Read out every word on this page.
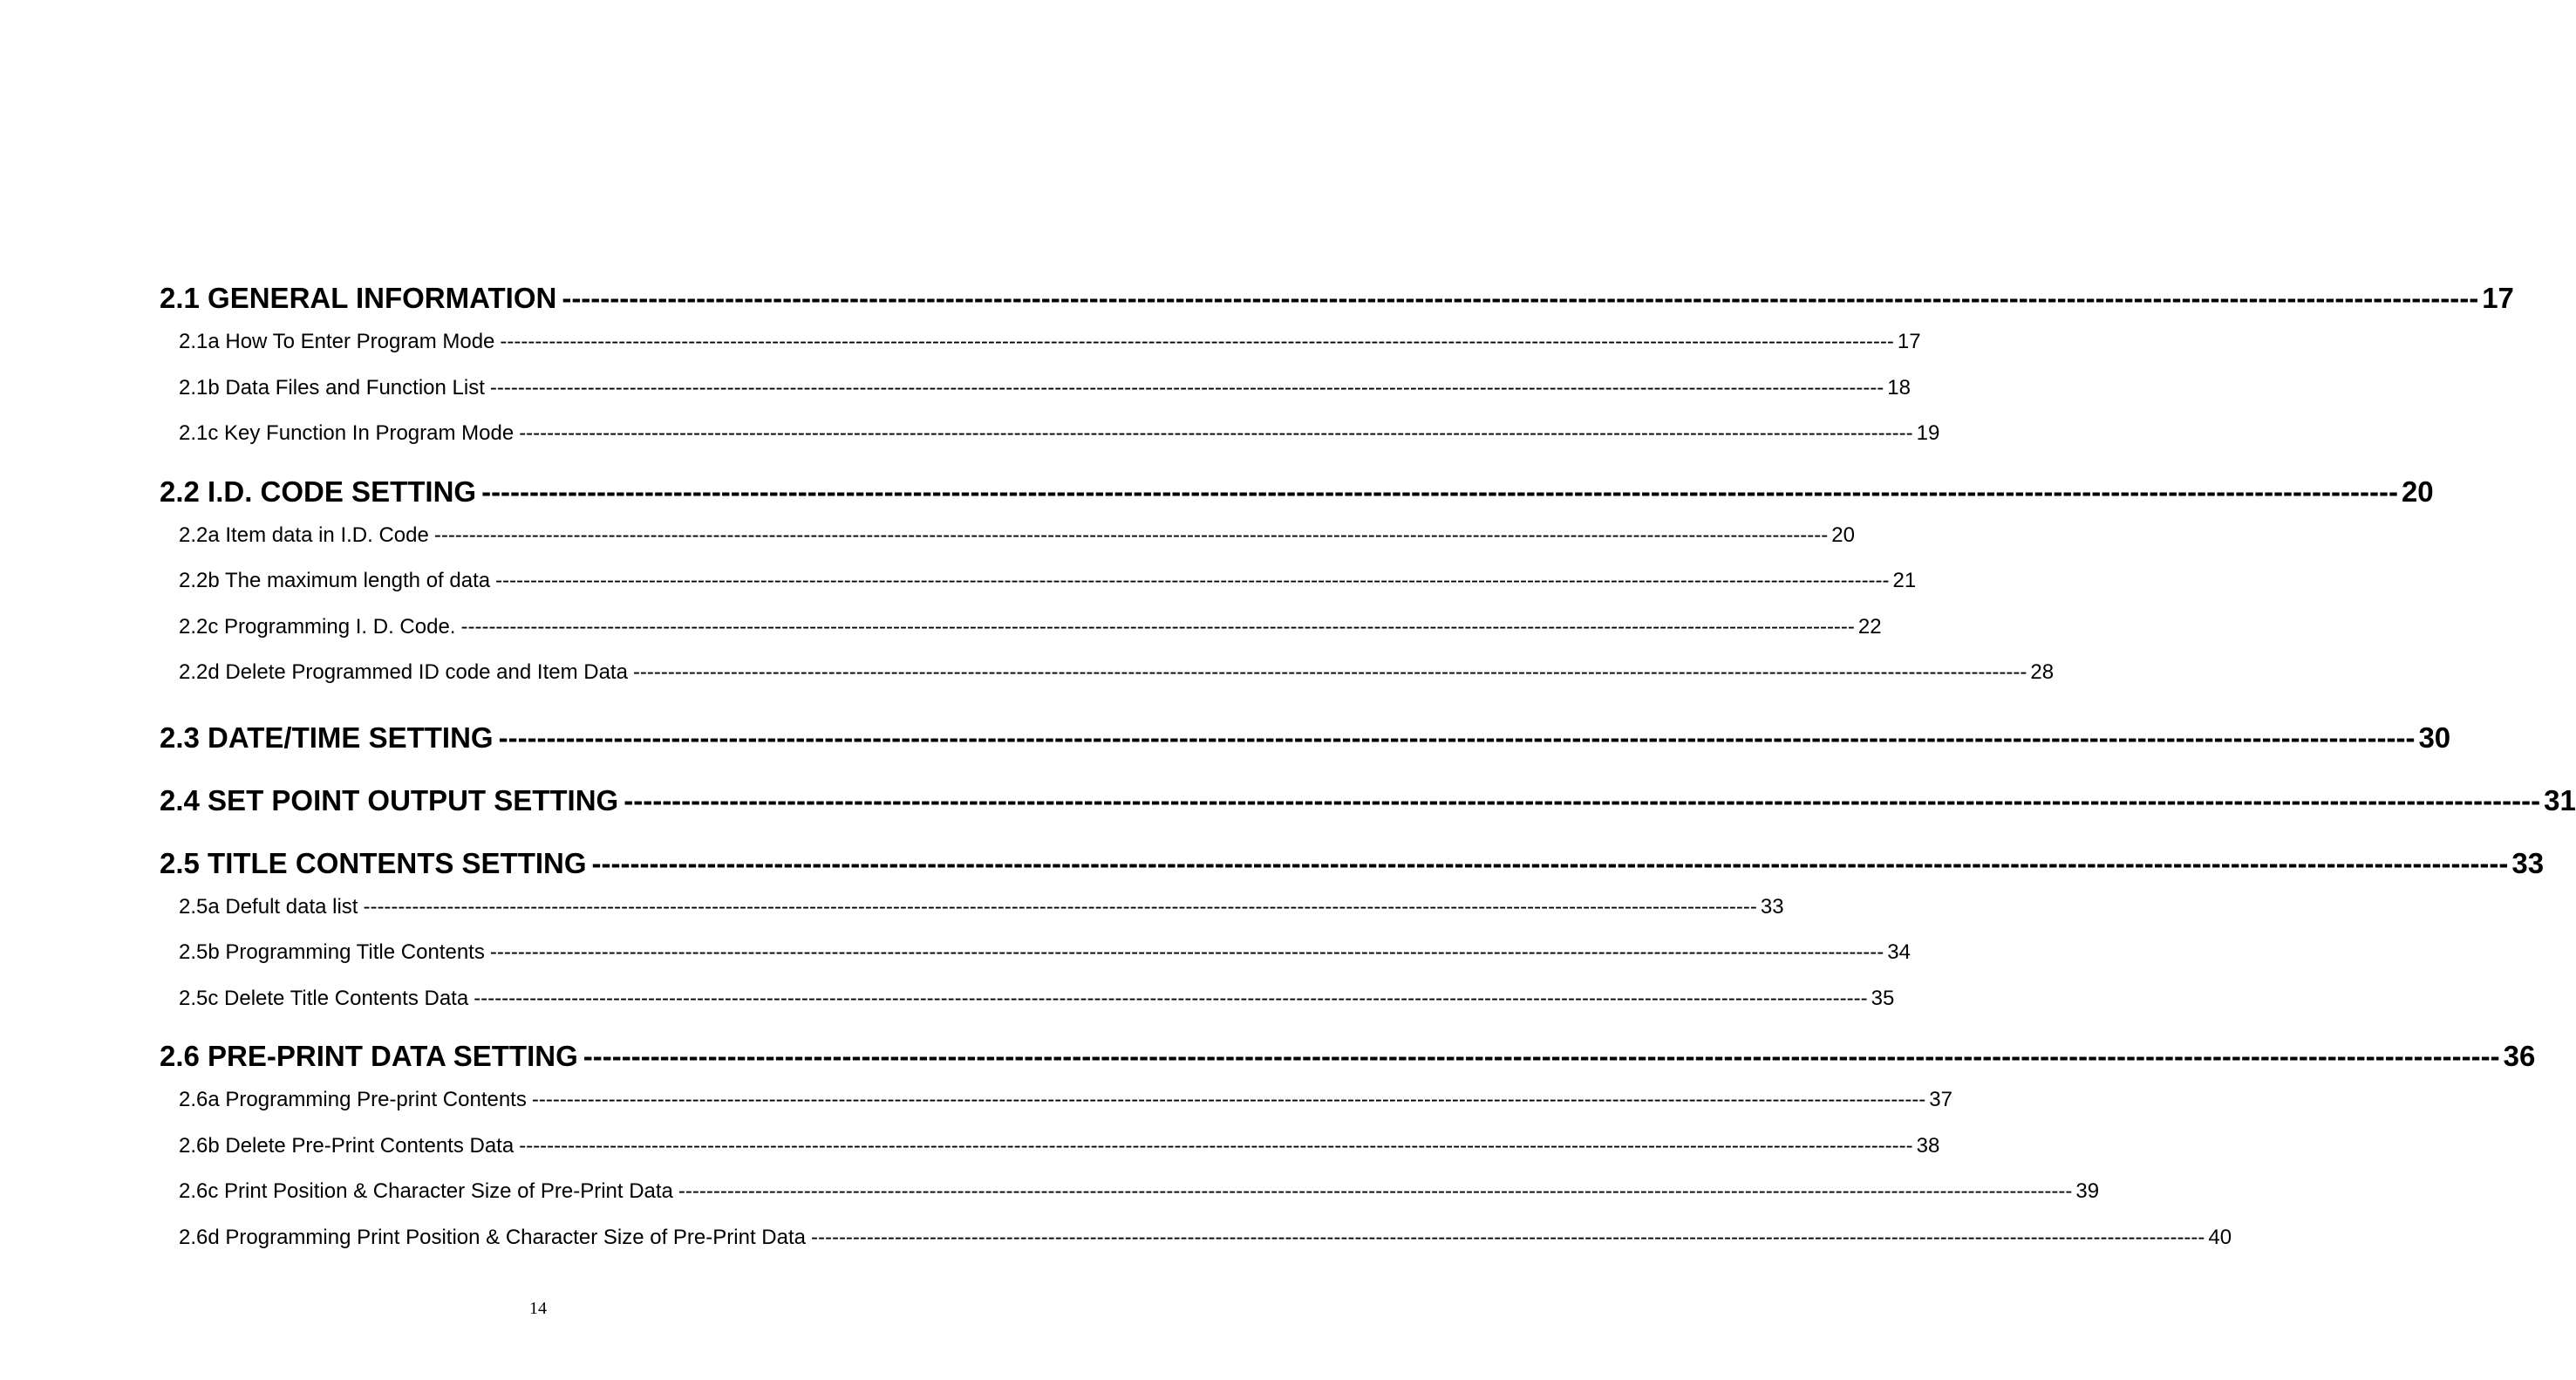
2.1 GENERAL INFORMATION -------------------------------------------------------------------------------------------------------------------------------------------------------------------------------------------------------- 17
2.1a How To Enter Program Mode -------------------------------------------------------------------------------------------------------------------------------------------------------------------------------------------------------- 17
2.1b Data Files and Function List -------------------------------------------------------------------------------------------------------------------------------------------------------------------------------------------------------- 18
2.1c Key Function In Program Mode -------------------------------------------------------------------------------------------------------------------------------------------------------------------------------------------------------- 19
2.2 I.D. CODE SETTING -------------------------------------------------------------------------------------------------------------------------------------------------------------------------------------------------------- 20
2.2a Item data in I.D. Code -------------------------------------------------------------------------------------------------------------------------------------------------------------------------------------------------------- 20
2.2b The maximum length of data -------------------------------------------------------------------------------------------------------------------------------------------------------------------------------------------------------- 21
2.2c Programming I. D. Code. -------------------------------------------------------------------------------------------------------------------------------------------------------------------------------------------------------- 22
2.2d Delete Programmed ID code and Item Data -------------------------------------------------------------------------------------------------------------------------------------------------------------------------------------------------------- 28
2.3 DATE/TIME SETTING -------------------------------------------------------------------------------------------------------------------------------------------------------------------------------------------------------- 30
2.4 SET POINT OUTPUT SETTING -------------------------------------------------------------------------------------------------------------------------------------------------------------------------------------------------------- 31
2.5 TITLE CONTENTS SETTING -------------------------------------------------------------------------------------------------------------------------------------------------------------------------------------------------------- 33
2.5a Defult data list -------------------------------------------------------------------------------------------------------------------------------------------------------------------------------------------------------- 33
2.5b Programming Title Contents -------------------------------------------------------------------------------------------------------------------------------------------------------------------------------------------------------- 34
2.5c Delete Title Contents Data -------------------------------------------------------------------------------------------------------------------------------------------------------------------------------------------------------- 35
2.6 PRE-PRINT DATA SETTING -------------------------------------------------------------------------------------------------------------------------------------------------------------------------------------------------------- 36
2.6a Programming Pre-print Contents -------------------------------------------------------------------------------------------------------------------------------------------------------------------------------------------------------- 37
2.6b Delete Pre-Print Contents Data -------------------------------------------------------------------------------------------------------------------------------------------------------------------------------------------------------- 38
2.6c Print Position & Character Size of Pre-Print Data -------------------------------------------------------------------------------------------------------------------------------------------------------------------------------------------------------- 39
2.6d Programming Print Position & Character Size of Pre-Print Data -------------------------------------------------------------------------------------------------------------------------------------------------------------------------------------------------------- 40
14
